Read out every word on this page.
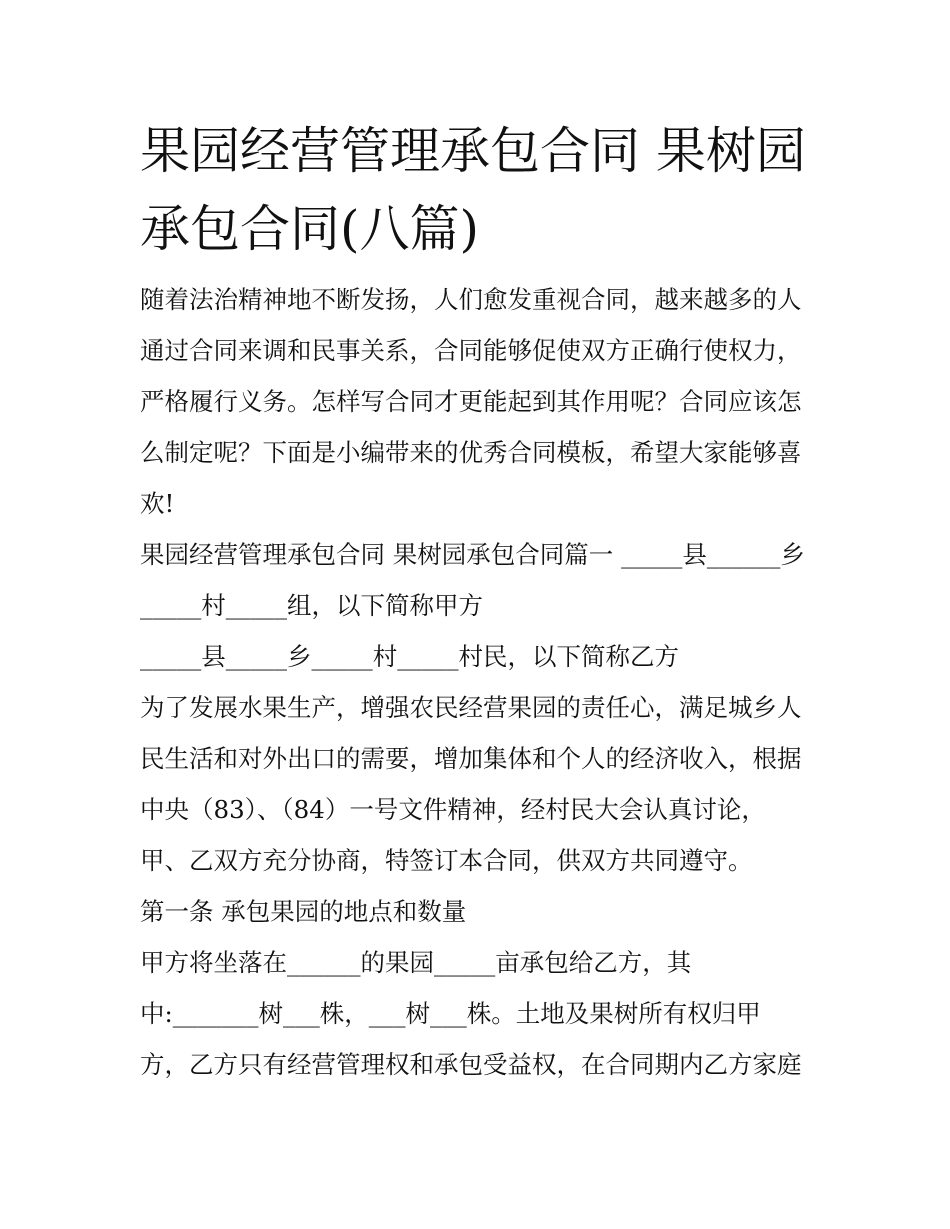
果园经营管理承包合同 果树园
承包合同(八篇)
随着法治精神地不断发扬，人们愈发重视合同，越来越多的人
通过合同来调和民事关系，合同能够促使双方正确行使权力，
严格履行义务。怎样写合同才更能起到其作用呢？合同应该怎
么制定呢？下面是小编带来的优秀合同模板，希望大家能够喜
欢!
果园经营管理承包合同 果树园承包合同篇一 _____县______乡
_____村_____组，以下简称甲方
_____县_____乡_____村_____村民，以下简称乙方
为了发展水果生产，增强农民经营果园的责任心，满足城乡人
民生活和对外出口的需要，增加集体和个人的经济收入，根据
中央（83）、（84）一号文件精神，经村民大会认真讨论，
甲、乙双方充分协商，特签订本合同，供双方共同遵守。
第一条 承包果园的地点和数量
甲方将坐落在______的果园_____亩承包给乙方，其
中:_______树___株，___树___株。土地及果树所有权归甲
方，乙方只有经营管理权和承包受益权，在合同期内乙方家庭
